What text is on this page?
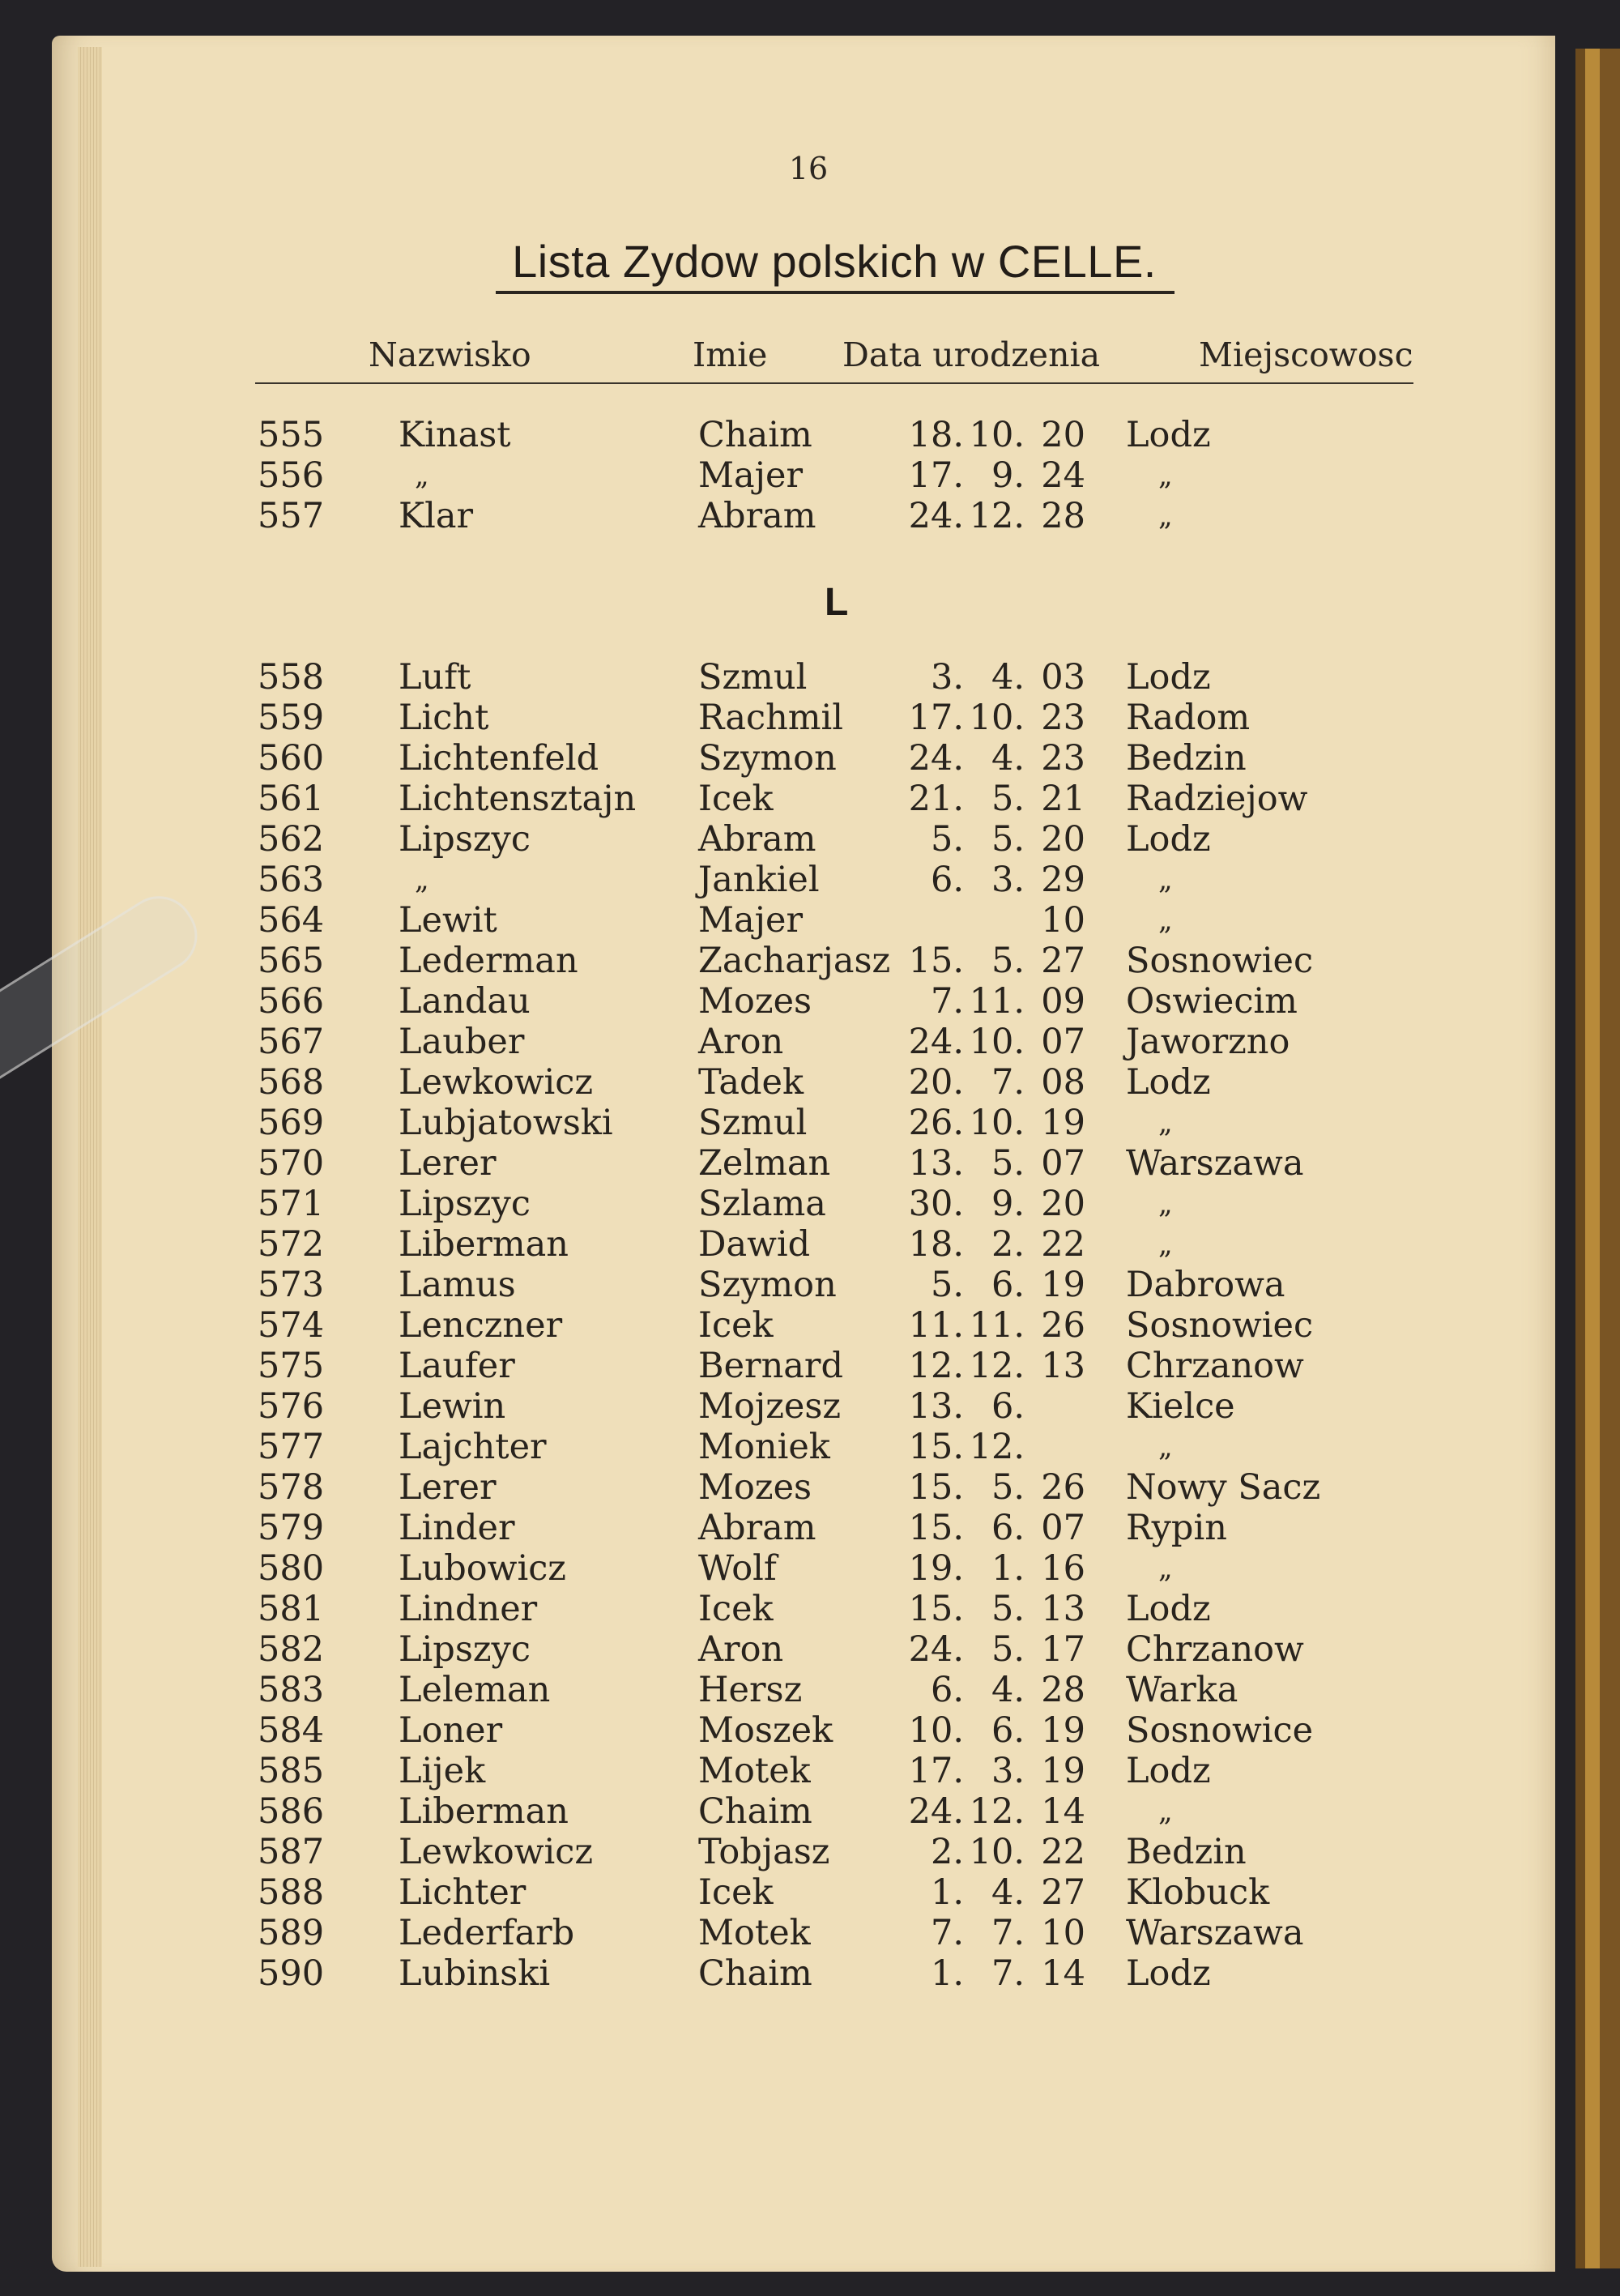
16
Lista Zydow polskich w CELLE.
Nazwisko	Imie Data urodzenia	Miejscowosc
555 Kinast	Chaim	18. 10. 20 Lodz
556	„	Majer	17. 9. 24	„
557 Klar	Abram	24. 12. 28	„
L
558 Luft	Szmul	3. 4. 03 Lodz
559 Licht	Rachmil	17. 10. 23 Radom
560 Lichtenfeld	Szymon	24. 4. 23 Bedzin
561 Lichtensztajn Icek	21. 5. 21 Radziejow
562 Lipszyc	Abram	5. 5. 20 Lodz
563	„	Jankiel	6. 3. 29	„
564 Lewit	Majer	10	„
565 Lederman	Zacharjasz 15. 5. 27 Sosnowiec
566 Landau	Mozes	7. 11. 09 Oswiecim
567 Lauber	Aron	24. 10. 07 Jaworzno
568 Lewkowicz	Tadek	20. 7. 08 Lodz
569 Lubjatowski Szmul	26. 10. 19	„
570 Lerer	Zelman	13. 5. 07 Warszawa
571 Lipszyc	Szlama	30. 9. 20	„
572 Liberman	Dawid	18. 2. 22	„
573 Lamus	Szymon	5. 6. 19 Dabrowa
574 Lenczner	Icek	11. 11. 26 Sosnowiec
575 Laufer	Bernard	12. 12. 13 Chrzanow
576 Lewin	Mojzesz	13. 6.	Kielce
577 Lajchter	Moniek	15. 12.	„
578 Lerer	Mozes	15. 5. 26 Nowy Sacz
579 Linder	Abram	15. 6. 07 Rypin
580 Lubowicz	Wolf	19. 1. 16	„
581 Lindner	Icek	15. 5. 13 Lodz
582 Lipszyc	Aron	24. 5. 17 Chrzanow
583 Leleman	Hersz	6. 4. 28 Warka
584 Loner	Moszek	10. 6. 19 Sosnowice
585 Lijek	Motek	17. 3. 19 Lodz
586 Liberman	Chaim	24. 12. 14	„
587 Lewkowicz	Tobjasz	2. 10. 22 Bedzin
588 Lichter	Icek	1. 4. 27 Klobuck
589 Lederfarb	Motek	7. 7. 10 Warszawa
590 Lubinski	Chaim	1. 7. 14 Lodz
